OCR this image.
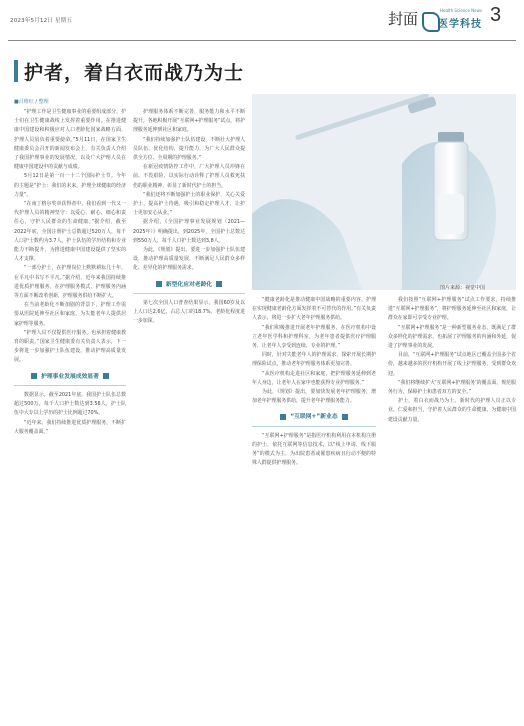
2023年5月12日 星期五	封面	Health Science News
医学科技 3
护者，着白衣而战乃为士
■吕维红 / 整理
图片来源：视觉中国

“护理工作是卫生健康事业的重要组成部分，护士们在卫生健康战线上发挥着重要作用。在推进健康中国建设和积极应对人口老龄化国家战略方面，护理人员肩负着重要使命。”5月11日，在国家卫生健康委员会召开的新闻发布会上，有关负责人介绍了我国护理事业的发展情况，以及广大护理人员在健康中国建设中的贡献与成绩。

5月12日是第一百一十二个国际护士节。今年的主题是“护士：我们的未来。护理全球健康的经济力量”。

“在南丁格尔奖章获得者中，我们看到一代又一代护理人员的精神坚守：以爱心、耐心、细心和责任心，守护人民群众的生命健康。”据介绍，截至2022年底，全国注册护士总数超过520万人，每千人口护士数约为3.7人。护士队伍的学历结构和专业能力不断提升，为推进健康中国建设提供了坚实的人才支撑。

“一部分护士，在护理岗位上默默耕耘几十年，在平凡中书写不平凡。”据介绍，近年来我国持续推进优质护理服务，在护理服务模式、护理服务内涵等方面不断改革创新，护理服务供给不断扩大。

在当前老龄化不断加剧的背景下，护理工作需要从医院延伸至社区和家庭，为失能老年人提供居家护理等服务。

“护理人员不仅提供医疗服务，也承担着健康教育的职责。”国家卫生健康委有关负责人表示，下一步将进一步加强护士队伍建设，推动护理高质量发展。

护理事业发展成效显著

数据显示，截至2021年底，我国护士队伍总数超过500万，每千人口护士数达到3.56人，护士队伍中大专以上学历的护士比例超过70%。

“近年来，我们持续推进优质护理服务，不断扩大服务覆盖面。”

护理服务体系不断完善，服务能力和水平不断提升。各地积极开展“互联网+护理服务”试点，将护理服务延伸到社区和家庭。

“我们持续加强护士队伍建设，不断壮大护理人员队伍，优化结构，提升能力，为广大人民群众提供全方位、全周期的护理服务。”

在新冠疫情防控工作中，广大护理人员冲锋在前、不畏艰险，以实际行动诠释了护理人员救死扶伤的职业精神，彰显了新时代护士的担当。

“我们还将不断加强护士的职业保护，关心关爱护士，提高护士待遇，吸引和稳定护理人才，让护士更加安心从业。”

据介绍，《全国护理事业发展规划（2021—2025年）》明确提出，到2025年，全国护士总数达到550万人，每千人口护士数达到3.8人。

为此，《规划》提出，要进一步加强护士队伍建设，推动护理高质量发展，不断满足人民群众多样化、差异化的护理服务需求。

新型化应对老龄化

第七次全国人口普查结果显示，我国60岁及以上人口达2.6亿，占总人口的18.7%。老龄化程度进一步加深。

“健康老龄化是推动健康中国战略的重要内容。护理在实现健康老龄化方面发挥着不可替代的作用。”有关负责人表示，将进一步扩大老年护理服务供给。

“我们积极推进开展老年护理服务，在医疗机构中设立老年医学科和护理科室，为老年患者提供医疗护理服务，让老年人享受到连续、专业的护理。”

同时，针对失能老年人的护理需求，探索开展长期护理保险试点，推动老年护理服务体系更加完善。

“从医疗机构走进社区和家庭，把护理服务延伸到老年人身边，让老年人在家中也能获得专业护理服务。”

为此，《规划》提出，要加快发展老年护理服务，增加老年护理服务供给，提升老年护理服务能力。

“互联网+”新业态

“互联网+护理服务”是指医疗机构利用在本机构注册的护士，依托互联网等信息技术，以“线上申请、线下服务”的模式为主，为出院患者或罹患疾病且行动不便的特殊人群提供护理服务。

我们按照“互联网+护理服务”试点工作要求，持续推进“互联网+护理服务”，将护理服务延伸至社区和家庭，让群众在家即可享受专业护理。

“互联网+护理服务”是一种新型服务业态，既满足了群众多样化的护理需求，也拓展了护理服务的内涵和外延，促进了护理事业的发展。

目前，“互联网+护理服务”试点地区已覆盖全国多个省份，越来越多的医疗机构开展了线上护理服务，受到群众欢迎。

“我们将继续扩大‘互联网+护理服务’的覆盖面，规范服务行为，保障护士和患者双方的安全。”

护士，着白衣而战乃为士。新时代的护理人员正以专业、仁爱和担当，守护着人民群众的生命健康，为健康中国建设贡献力量。
